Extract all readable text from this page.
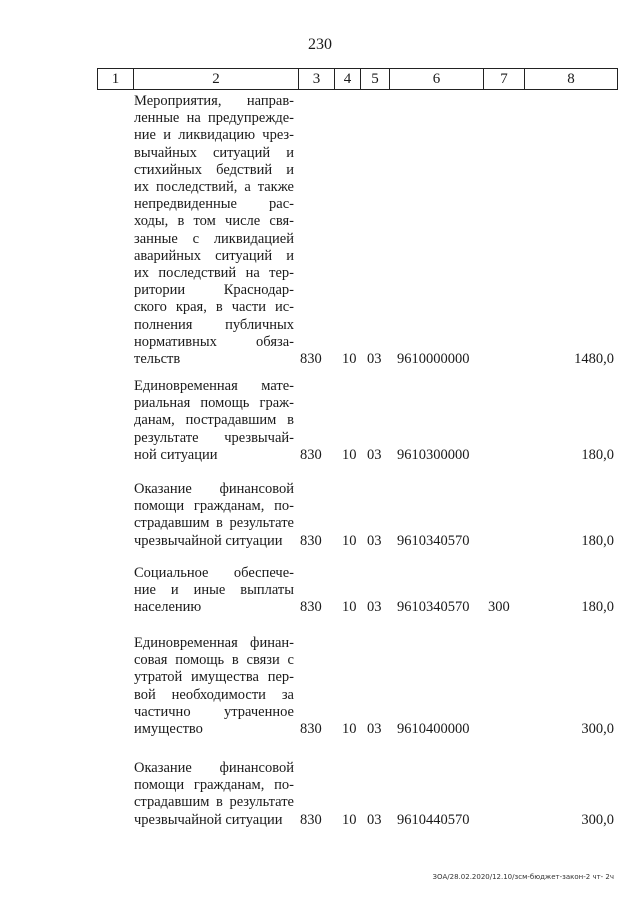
230
1	2	3	4	5	6	7	8
Мероприятия, направ-
ленные на предупрежде-
ние и ликвидацию чрез-
вычайных ситуаций и
стихийных бедствий и
их последствий, а также
непредвиденные рас-
ходы, в том числе свя-
занные с ликвидацией
аварийных ситуаций и
их последствий на тер-
ритории Краснодар-
ского края, в части ис-
полнения публичных
нормативных обяза-
тельств	830 10 03 9610000000	1480,0
Единовременная мате-
риальная помощь граж-
данам, пострадавшим в
результате чрезвычай-
ной ситуации	830 10 03 9610300000	180,0
Оказание финансовой
помощи гражданам, по-
страдавшим в результате
чрезвычайной ситуации	830 10 03 9610340570	180,0
Социальное обеспече-
ние и иные выплаты
населению	830 10 03 9610340570 300	180,0
Единовременная финан-
совая помощь в связи с
утратой имущества пер-
вой необходимости за
частично утраченное
имущество	830 10 03 9610400000	300,0
Оказание финансовой
помощи гражданам, по-
страдавшим в результате
чрезвычайной ситуации	830 10 03 9610440570	300,0
ЗОА/28.02.2020/12.10/зсм-бюджет-закон-2 чт- 2ч
